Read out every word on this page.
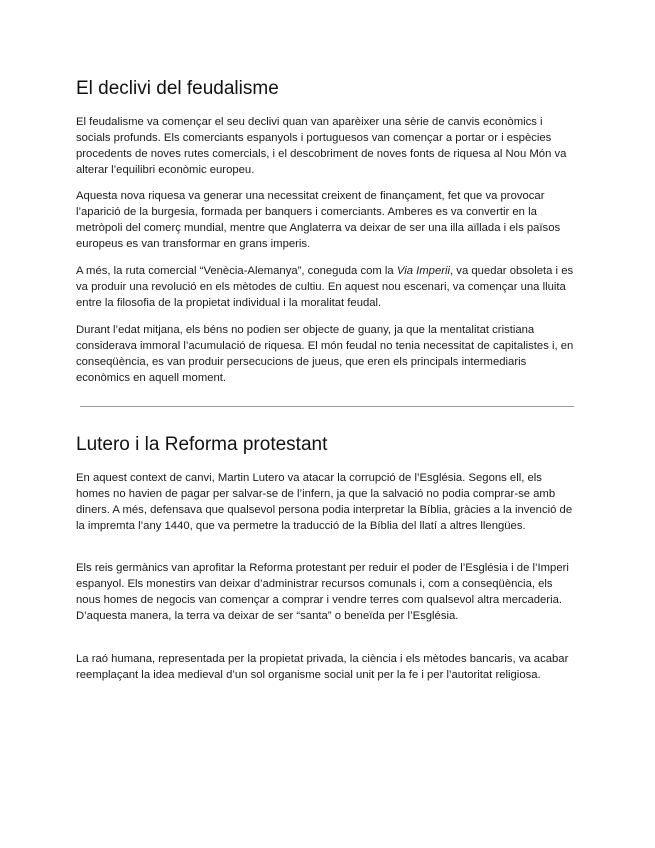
El declivi del feudalisme

El feudalisme va començar el seu declivi quan van aparèixer una sèrie de canvis econòmics i socials profunds. Els comerciants espanyols i portuguesos van començar a portar or i espècies procedents de noves rutes comercials, i el descobriment de noves fonts de riquesa al Nou Món va alterar l’equilibri econòmic europeu.

Aquesta nova riquesa va generar una necessitat creixent de finançament, fet que va provocar l’aparició de la burgesia, formada per banquers i comerciants. Amberes es va convertir en la metròpoli del comerç mundial, mentre que Anglaterra va deixar de ser una illa aïllada i els països europeus es van transformar en grans imperis.

A més, la ruta comercial “Venècia-Alemanya”, coneguda com la Via Imperii, va quedar obsoleta i es va produir una revolució en els mètodes de cultiu. En aquest nou escenari, va començar una lluita entre la filosofia de la propietat individual i la moralitat feudal.

Durant l’edat mitjana, els béns no podien ser objecte de guany, ja que la mentalitat cristiana considerava immoral l’acumulació de riquesa. El món feudal no tenia necessitat de capitalistes i, en conseqüència, es van produir persecucions de jueus, que eren els principals intermediaris econòmics en aquell moment.

Lutero i la Reforma protestant

En aquest context de canvi, Martin Lutero va atacar la corrupció de l’Església. Segons ell, els homes no havien de pagar per salvar-se de l’infern, ja que la salvació no podia comprar-se amb diners. A més, defensava que qualsevol persona podia interpretar la Bíblia, gràcies a la invenció de la impremta l’any 1440, que va permetre la traducció de la Bíblia del llatí a altres llengües.

Els reis germànics van aprofitar la Reforma protestant per reduir el poder de l’Església i de l’Imperi espanyol. Els monestirs van deixar d’administrar recursos comunals i, com a conseqüència, els nous homes de negocis van començar a comprar i vendre terres com qualsevol altra mercaderia. D’aquesta manera, la terra va deixar de ser “santa” o beneïda per l’Església.

La raó humana, representada per la propietat privada, la ciència i els mètodes bancaris, va acabar reemplaçant la idea medieval d’un sol organisme social unit per la fe i per l’autoritat religiosa.
